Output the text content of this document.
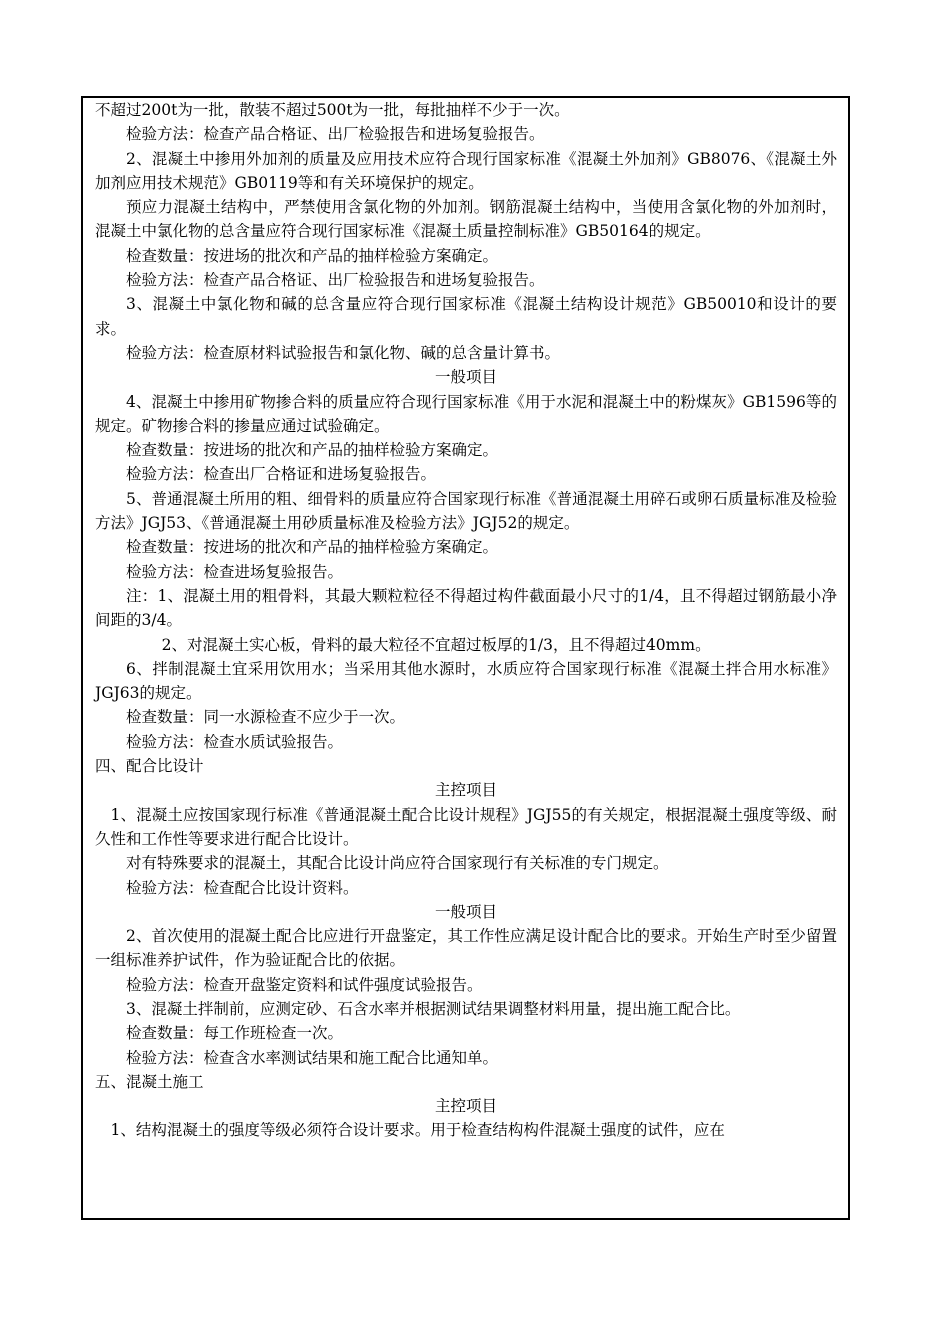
不超过200t为一批，散装不超过500t为一批，每批抽样不少于一次。

检验方法：检查产品合格证、出厂检验报告和进场复验报告。

2、混凝土中掺用外加剂的质量及应用技术应符合现行国家标准《混凝土外加剂》GB8076、《混凝土外加剂应用技术规范》GB0119等和有关环境保护的规定。

预应力混凝土结构中，严禁使用含氯化物的外加剂。钢筋混凝土结构中，当使用含氯化物的外加剂时，混凝土中氯化物的总含量应符合现行国家标准《混凝土质量控制标准》GB50164的规定。

检查数量：按进场的批次和产品的抽样检验方案确定。

检验方法：检查产品合格证、出厂检验报告和进场复验报告。

3、混凝土中氯化物和碱的总含量应符合现行国家标准《混凝土结构设计规范》GB50010和设计的要求。

检验方法：检查原材料试验报告和氯化物、碱的总含量计算书。

一般项目

4、混凝土中掺用矿物掺合料的质量应符合现行国家标准《用于水泥和混凝土中的粉煤灰》GB1596等的规定。矿物掺合料的掺量应通过试验确定。

检查数量：按进场的批次和产品的抽样检验方案确定。

检验方法：检查出厂合格证和进场复验报告。

5、普通混凝土所用的粗、细骨料的质量应符合国家现行标准《普通混凝土用碎石或卵石质量标准及检验方法》JGJ53、《普通混凝土用砂质量标准及检验方法》JGJ52的规定。

检查数量：按进场的批次和产品的抽样检验方案确定。

检验方法：检查进场复验报告。

注：1、混凝土用的粗骨料，其最大颗粒粒径不得超过构件截面最小尺寸的1/4，且不得超过钢筋最小净间距的3/4。

2、对混凝土实心板，骨料的最大粒径不宜超过板厚的1/3，且不得超过40mm。

6、拌制混凝土宜采用饮用水；当采用其他水源时，水质应符合国家现行标准《混凝土拌合用水标准》JGJ63的规定。

检查数量：同一水源检查不应少于一次。

检验方法：检查水质试验报告。

四、配合比设计

主控项目

1、混凝土应按国家现行标准《普通混凝土配合比设计规程》JGJ55的有关规定，根据混凝土强度等级、耐久性和工作性等要求进行配合比设计。

对有特殊要求的混凝土，其配合比设计尚应符合国家现行有关标准的专门规定。

检验方法：检查配合比设计资料。

一般项目

2、首次使用的混凝土配合比应进行开盘鉴定，其工作性应满足设计配合比的要求。开始生产时至少留置一组标准养护试件，作为验证配合比的依据。

检验方法：检查开盘鉴定资料和试件强度试验报告。

3、混凝土拌制前，应测定砂、石含水率并根据测试结果调整材料用量，提出施工配合比。

检查数量：每工作班检查一次。

检验方法：检查含水率测试结果和施工配合比通知单。

五、混凝土施工

主控项目

1、结构混凝土的强度等级必须符合设计要求。用于检查结构构件混凝土强度的试件，应在
